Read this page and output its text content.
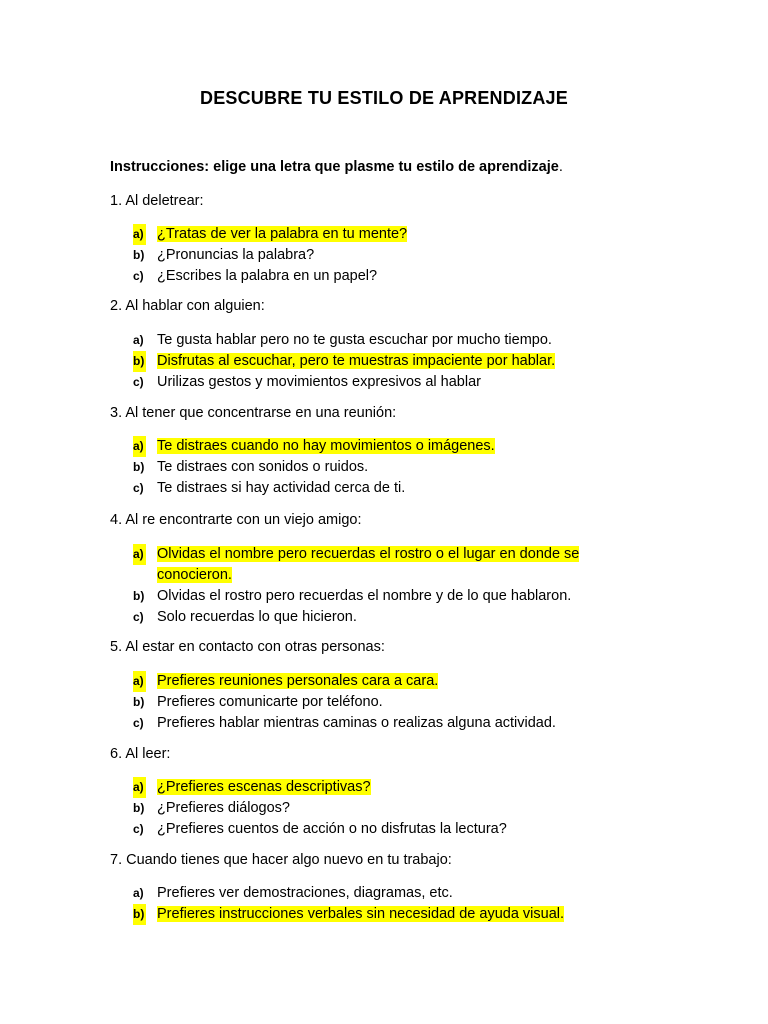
DESCUBRE TU ESTILO DE APRENDIZAJE
Instrucciones: elige una letra que plasme tu estilo de aprendizaje.
1. Al deletrear:
a) ¿Tratas de ver la palabra en tu mente?
b) ¿Pronuncias la palabra?
c) ¿Escribes la palabra en un papel?
2. Al hablar con alguien:
a) Te gusta hablar pero no te gusta escuchar por mucho tiempo.
b) Disfrutas al escuchar, pero te muestras impaciente por hablar.
c) Urilizas gestos y movimientos expresivos al hablar
3. Al tener que concentrarse en una reunión:
a) Te distraes cuando no hay movimientos o imágenes.
b) Te distraes con sonidos o ruidos.
c) Te distraes si hay actividad cerca de ti.
4. Al re encontrarte con un viejo amigo:
a) Olvidas el nombre pero recuerdas el rostro o el lugar en donde se
conocieron.
b) Olvidas el rostro pero recuerdas el nombre y de lo que hablaron.
c) Solo recuerdas lo que hicieron.
5. Al estar en contacto con otras personas:
a) Prefieres reuniones personales cara a cara.
b) Prefieres comunicarte por teléfono.
c) Prefieres hablar mientras caminas o realizas alguna actividad.
6. Al leer:
a) ¿Prefieres escenas descriptivas?
b) ¿Prefieres diálogos?
c) ¿Prefieres cuentos de acción o no disfrutas la lectura?
7. Cuando tienes que hacer algo nuevo en tu trabajo:
a) Prefieres ver demostraciones, diagramas, etc.
b) Prefieres instrucciones verbales sin necesidad de ayuda visual.
